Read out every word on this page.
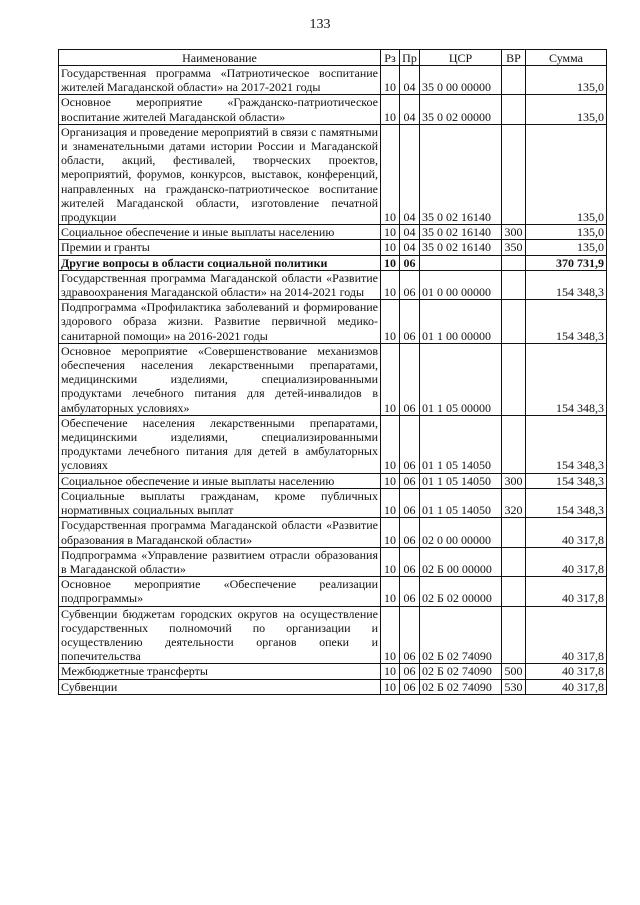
133
Наименование	Рз	Пр	ЦСР	ВР	Сумма
Государственная программа «Патриотическое воспитание жителей Магаданской области» на 2017-2021 годы	10	04	35 0 00 00000		135,0
Основное мероприятие «Гражданско-патриотическое воспитание жителей Магаданской области»	10	04	35 0 02 00000		135,0
Организация и проведение мероприятий в связи с памятными и знаменательными датами истории России и Магаданской области, акций, фестивалей, творческих проектов, мероприятий, форумов, конкурсов, выставок, конференций, направленных на гражданско-патриотическое воспитание жителей Магаданской области, изготовление печатной продукции	10	04	35 0 02 16140		135,0
Социальное обеспечение и иные выплаты населению	10	04	35 0 02 16140	300	135,0
Премии и гранты	10	04	35 0 02 16140	350	135,0
Другие вопросы в области социальной политики	10	06			370 731,9
Государственная программа Магаданской области «Развитие здравоохранения Магаданской области» на 2014-2021 годы	10	06	01 0 00 00000		154 348,3
Подпрограмма «Профилактика заболеваний и формирование здорового образа жизни. Развитие первичной медико-санитарной помощи» на 2016-2021 годы	10	06	01 1 00 00000		154 348,3
Основное мероприятие «Совершенствование механизмов обеспечения населения лекарственными препаратами, медицинскими изделиями, специализированными продуктами лечебного питания для детей-инвалидов в амбулаторных условиях»	10	06	01 1 05 00000		154 348,3
Обеспечение населения лекарственными препаратами, медицинскими изделиями, специализированными продуктами лечебного питания для детей в амбулаторных условиях	10	06	01 1 05 14050		154 348,3
Социальное обеспечение и иные выплаты населению	10	06	01 1 05 14050	300	154 348,3
Социальные выплаты гражданам, кроме публичных нормативных социальных выплат	10	06	01 1 05 14050	320	154 348,3
Государственная программа Магаданской области «Развитие образования в Магаданской области»	10	06	02 0 00 00000		40 317,8
Подпрограмма «Управление развитием отрасли образования в Магаданской области»	10	06	02 Б 00 00000		40 317,8
Основное мероприятие «Обеспечение реализации подпрограммы»	10	06	02 Б 02 00000		40 317,8
Субвенции бюджетам городских округов на осуществление государственных полномочий по организации и осуществлению деятельности органов опеки и попечительства	10	06	02 Б 02 74090		40 317,8
Межбюджетные трансферты	10	06	02 Б 02 74090	500	40 317,8
Субвенции	10	06	02 Б 02 74090	530	40 317,8
